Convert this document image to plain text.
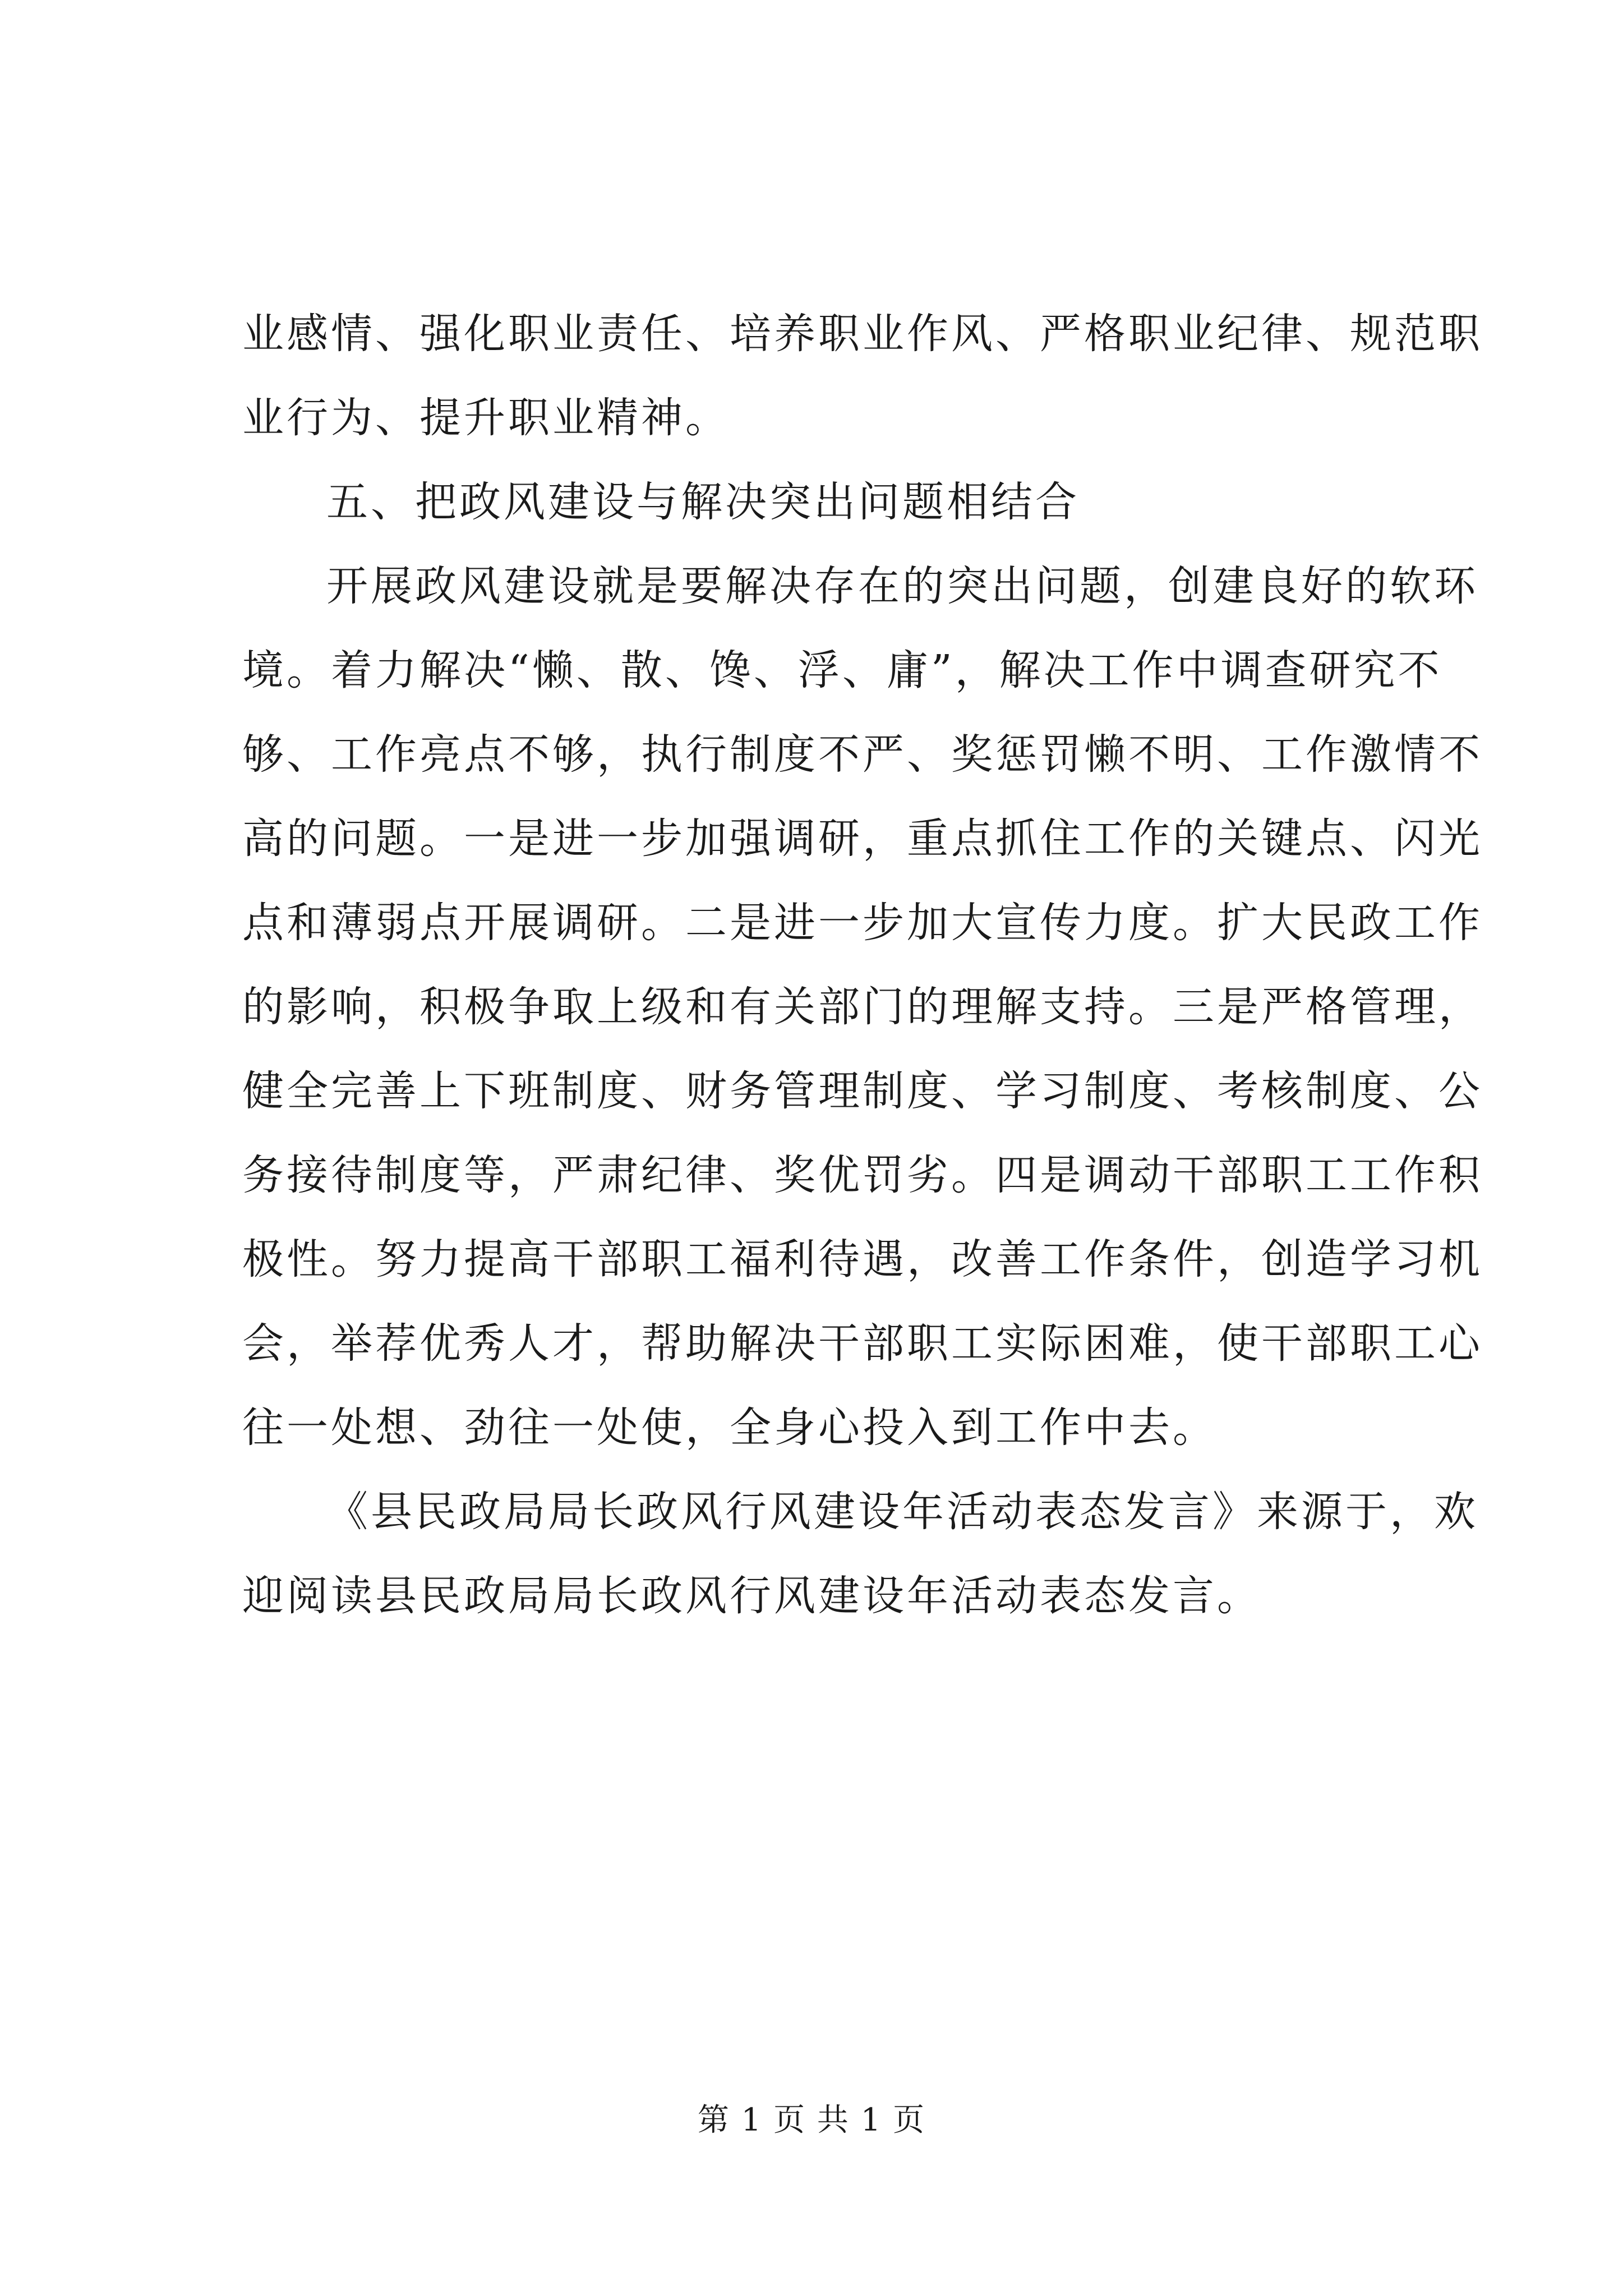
业感情、强化职业责任、培养职业作风、严格职业纪律、规范职
业行为、提升职业精神。
五、把政风建设与解决突出问题相结合
开展政风建设就是要解决存在的突出问题，创建良好的软环
境。着力解决“懒、散、馋、浮、庸”，解决工作中调查研究不
够、工作亮点不够，执行制度不严、奖惩罚懒不明、工作激情不
高的问题。一是进一步加强调研，重点抓住工作的关键点、闪光
点和薄弱点开展调研。二是进一步加大宣传力度。扩大民政工作
的影响，积极争取上级和有关部门的理解支持。三是严格管理，
健全完善上下班制度、财务管理制度、学习制度、考核制度、公
务接待制度等，严肃纪律、奖优罚劣。四是调动干部职工工作积
极性。努力提高干部职工福利待遇，改善工作条件，创造学习机
会，举荐优秀人才，帮助解决干部职工实际困难，使干部职工心
往一处想、劲往一处使，全身心投入到工作中去。
《县民政局局长政风行风建设年活动表态发言》来源于，欢
迎阅读县民政局局长政风行风建设年活动表态发言。
第 1 页 共 1 页
